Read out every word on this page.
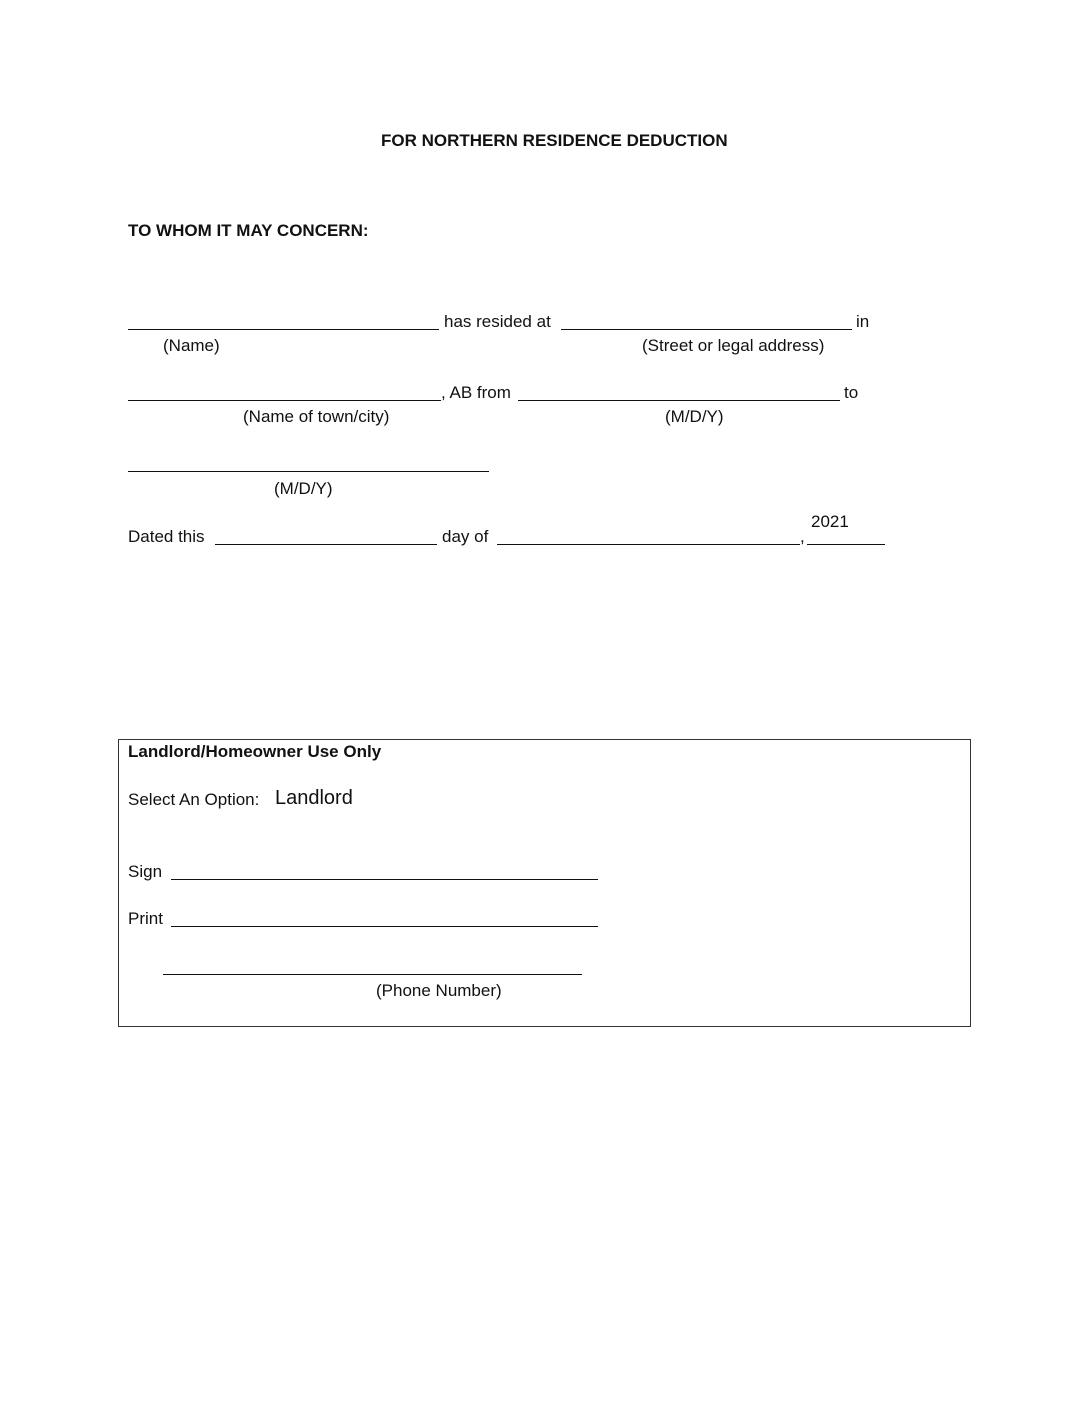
FOR NORTHERN RESIDENCE DEDUCTION
TO WHOM IT MAY CONCERN:
has resided at	in
(Name)	(Street or legal address)
, AB from	to
(Name of town/city)	(M/D/Y)
(M/D/Y)
Dated this	day of	,
2021
Landlord/Homeowner Use Only
Select An Option: Landlord
Sign
Print
(Phone Number)
